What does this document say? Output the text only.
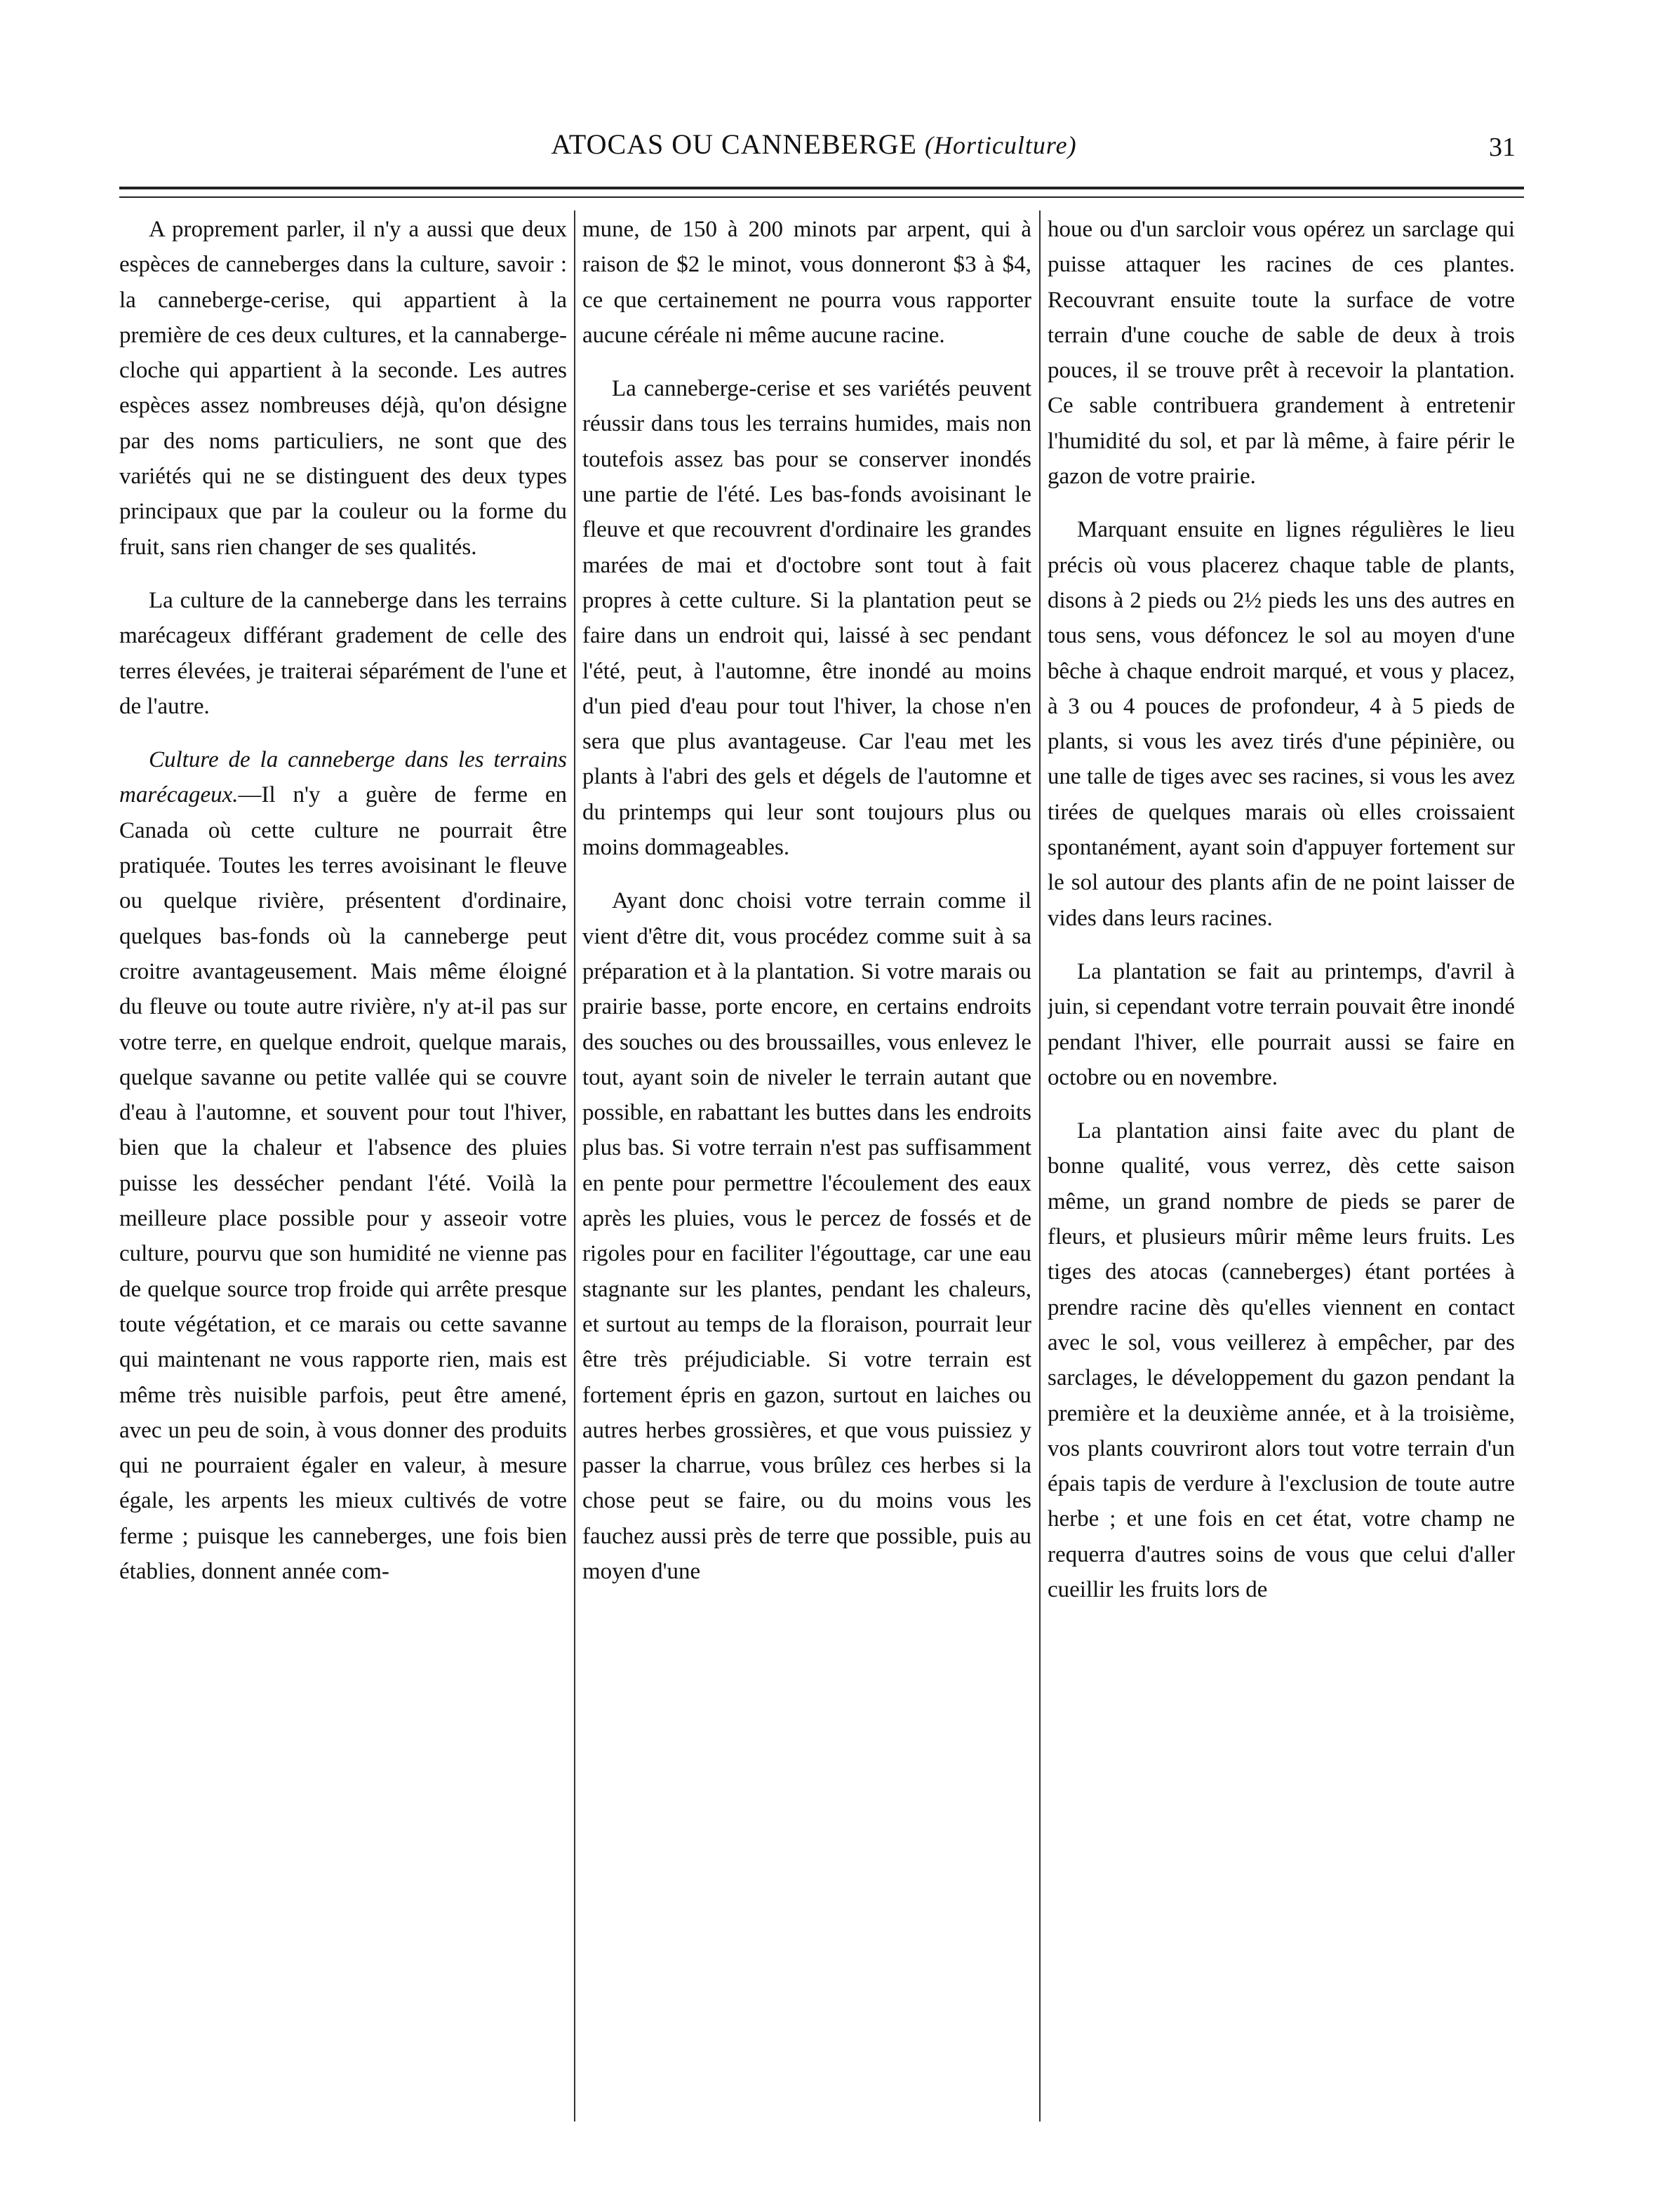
ATOCAS OU CANNEBERGE (Horticulture)	31

A proprement parler, il n'y a aussi que deux espèces de canneberges dans la culture, savoir : la canneberge-cerise, qui appartient à la première de ces deux cultures, et la cannaberge-cloche qui appartient à la seconde. Les autres espèces assez nombreuses déjà, qu'on désigne par des noms particuliers, ne sont que des variétés qui ne se distinguent des deux types principaux que par la couleur ou la forme du fruit, sans rien changer de ses qualités.

La culture de la canneberge dans les terrains marécageux différant gradement de celle des terres élevées, je traiterai séparément de l'une et de l'autre.

Culture de la canneberge dans les terrains marécageux.—Il n'y a guère de ferme en Canada où cette culture ne pourrait être pratiquée. Toutes les terres avoisinant le fleuve ou quelque rivière, présentent d'ordinaire, quelques bas-fonds où la canneberge peut croitre avantageusement. Mais même éloigné du fleuve ou toute autre rivière, n'y at-il pas sur votre terre, en quelque endroit, quelque marais, quelque savanne ou petite vallée qui se couvre d'eau à l'automne, et souvent pour tout l'hiver, bien que la chaleur et l'absence des pluies puisse les dessécher pendant l'été. Voilà la meilleure place possible pour y asseoir votre culture, pourvu que son humidité ne vienne pas de quelque source trop froide qui arrête presque toute végétation, et ce marais ou cette savanne qui maintenant ne vous rapporte rien, mais est même très nuisible parfois, peut être amené, avec un peu de soin, à vous donner des produits qui ne pourraient égaler en valeur, à mesure égale, les arpents les mieux cultivés de votre ferme ; puisque les canneberges, une fois bien établies, donnent année com-

mune, de 150 à 200 minots par arpent, qui à raison de $2 le minot, vous donneront $3 à $4, ce que certainement ne pourra vous rapporter aucune céréale ni même aucune racine.

La canneberge-cerise et ses variétés peuvent réussir dans tous les terrains humides, mais non toutefois assez bas pour se conserver inondés une partie de l'été. Les bas-fonds avoisinant le fleuve et que recouvrent d'ordinaire les grandes marées de mai et d'octobre sont tout à fait propres à cette culture. Si la plantation peut se faire dans un endroit qui, laissé à sec pendant l'été, peut, à l'automne, être inondé au moins d'un pied d'eau pour tout l'hiver, la chose n'en sera que plus avantageuse. Car l'eau met les plants à l'abri des gels et dégels de l'automne et du printemps qui leur sont toujours plus ou moins dommageables.

Ayant donc choisi votre terrain comme il vient d'être dit, vous procédez comme suit à sa préparation et à la plantation. Si votre marais ou prairie basse, porte encore, en certains endroits des souches ou des broussailles, vous enlevez le tout, ayant soin de niveler le terrain autant que possible, en rabattant les buttes dans les endroits plus bas. Si votre terrain n'est pas suffisamment en pente pour permettre l'écoulement des eaux après les pluies, vous le percez de fossés et de rigoles pour en faciliter l'égouttage, car une eau stagnante sur les plantes, pendant les chaleurs, et surtout au temps de la floraison, pourrait leur être très préjudiciable. Si votre terrain est fortement épris en gazon, surtout en laiches ou autres herbes grossières, et que vous puissiez y passer la charrue, vous brûlez ces herbes si la chose peut se faire, ou du moins vous les fauchez aussi près de terre que possible, puis au moyen d'une

houe ou d'un sarcloir vous opérez un sarclage qui puisse attaquer les racines de ces plantes. Recouvrant ensuite toute la surface de votre terrain d'une couche de sable de deux à trois pouces, il se trouve prêt à recevoir la plantation. Ce sable contribuera grandement à entretenir l'humidité du sol, et par là même, à faire périr le gazon de votre prairie.

Marquant ensuite en lignes régulières le lieu précis où vous placerez chaque table de plants, disons à 2 pieds ou 2½ pieds les uns des autres en tous sens, vous défoncez le sol au moyen d'une bêche à chaque endroit marqué, et vous y placez, à 3 ou 4 pouces de profondeur, 4 à 5 pieds de plants, si vous les avez tirés d'une pépinière, ou une talle de tiges avec ses racines, si vous les avez tirées de quelques marais où elles croissaient spontanément, ayant soin d'appuyer fortement sur le sol autour des plants afin de ne point laisser de vides dans leurs racines.

La plantation se fait au printemps, d'avril à juin, si cependant votre terrain pouvait être inondé pendant l'hiver, elle pourrait aussi se faire en octobre ou en novembre.

La plantation ainsi faite avec du plant de bonne qualité, vous verrez, dès cette saison même, un grand nombre de pieds se parer de fleurs, et plusieurs mûrir même leurs fruits. Les tiges des atocas (canneberges) étant portées à prendre racine dès qu'elles viennent en contact avec le sol, vous veillerez à empêcher, par des sarclages, le développement du gazon pendant la première et la deuxième année, et à la troisième, vos plants couvriront alors tout votre terrain d'un épais tapis de verdure à l'exclusion de toute autre herbe ; et une fois en cet état, votre champ ne requerra d'autres soins de vous que celui d'aller cueillir les fruits lors de
